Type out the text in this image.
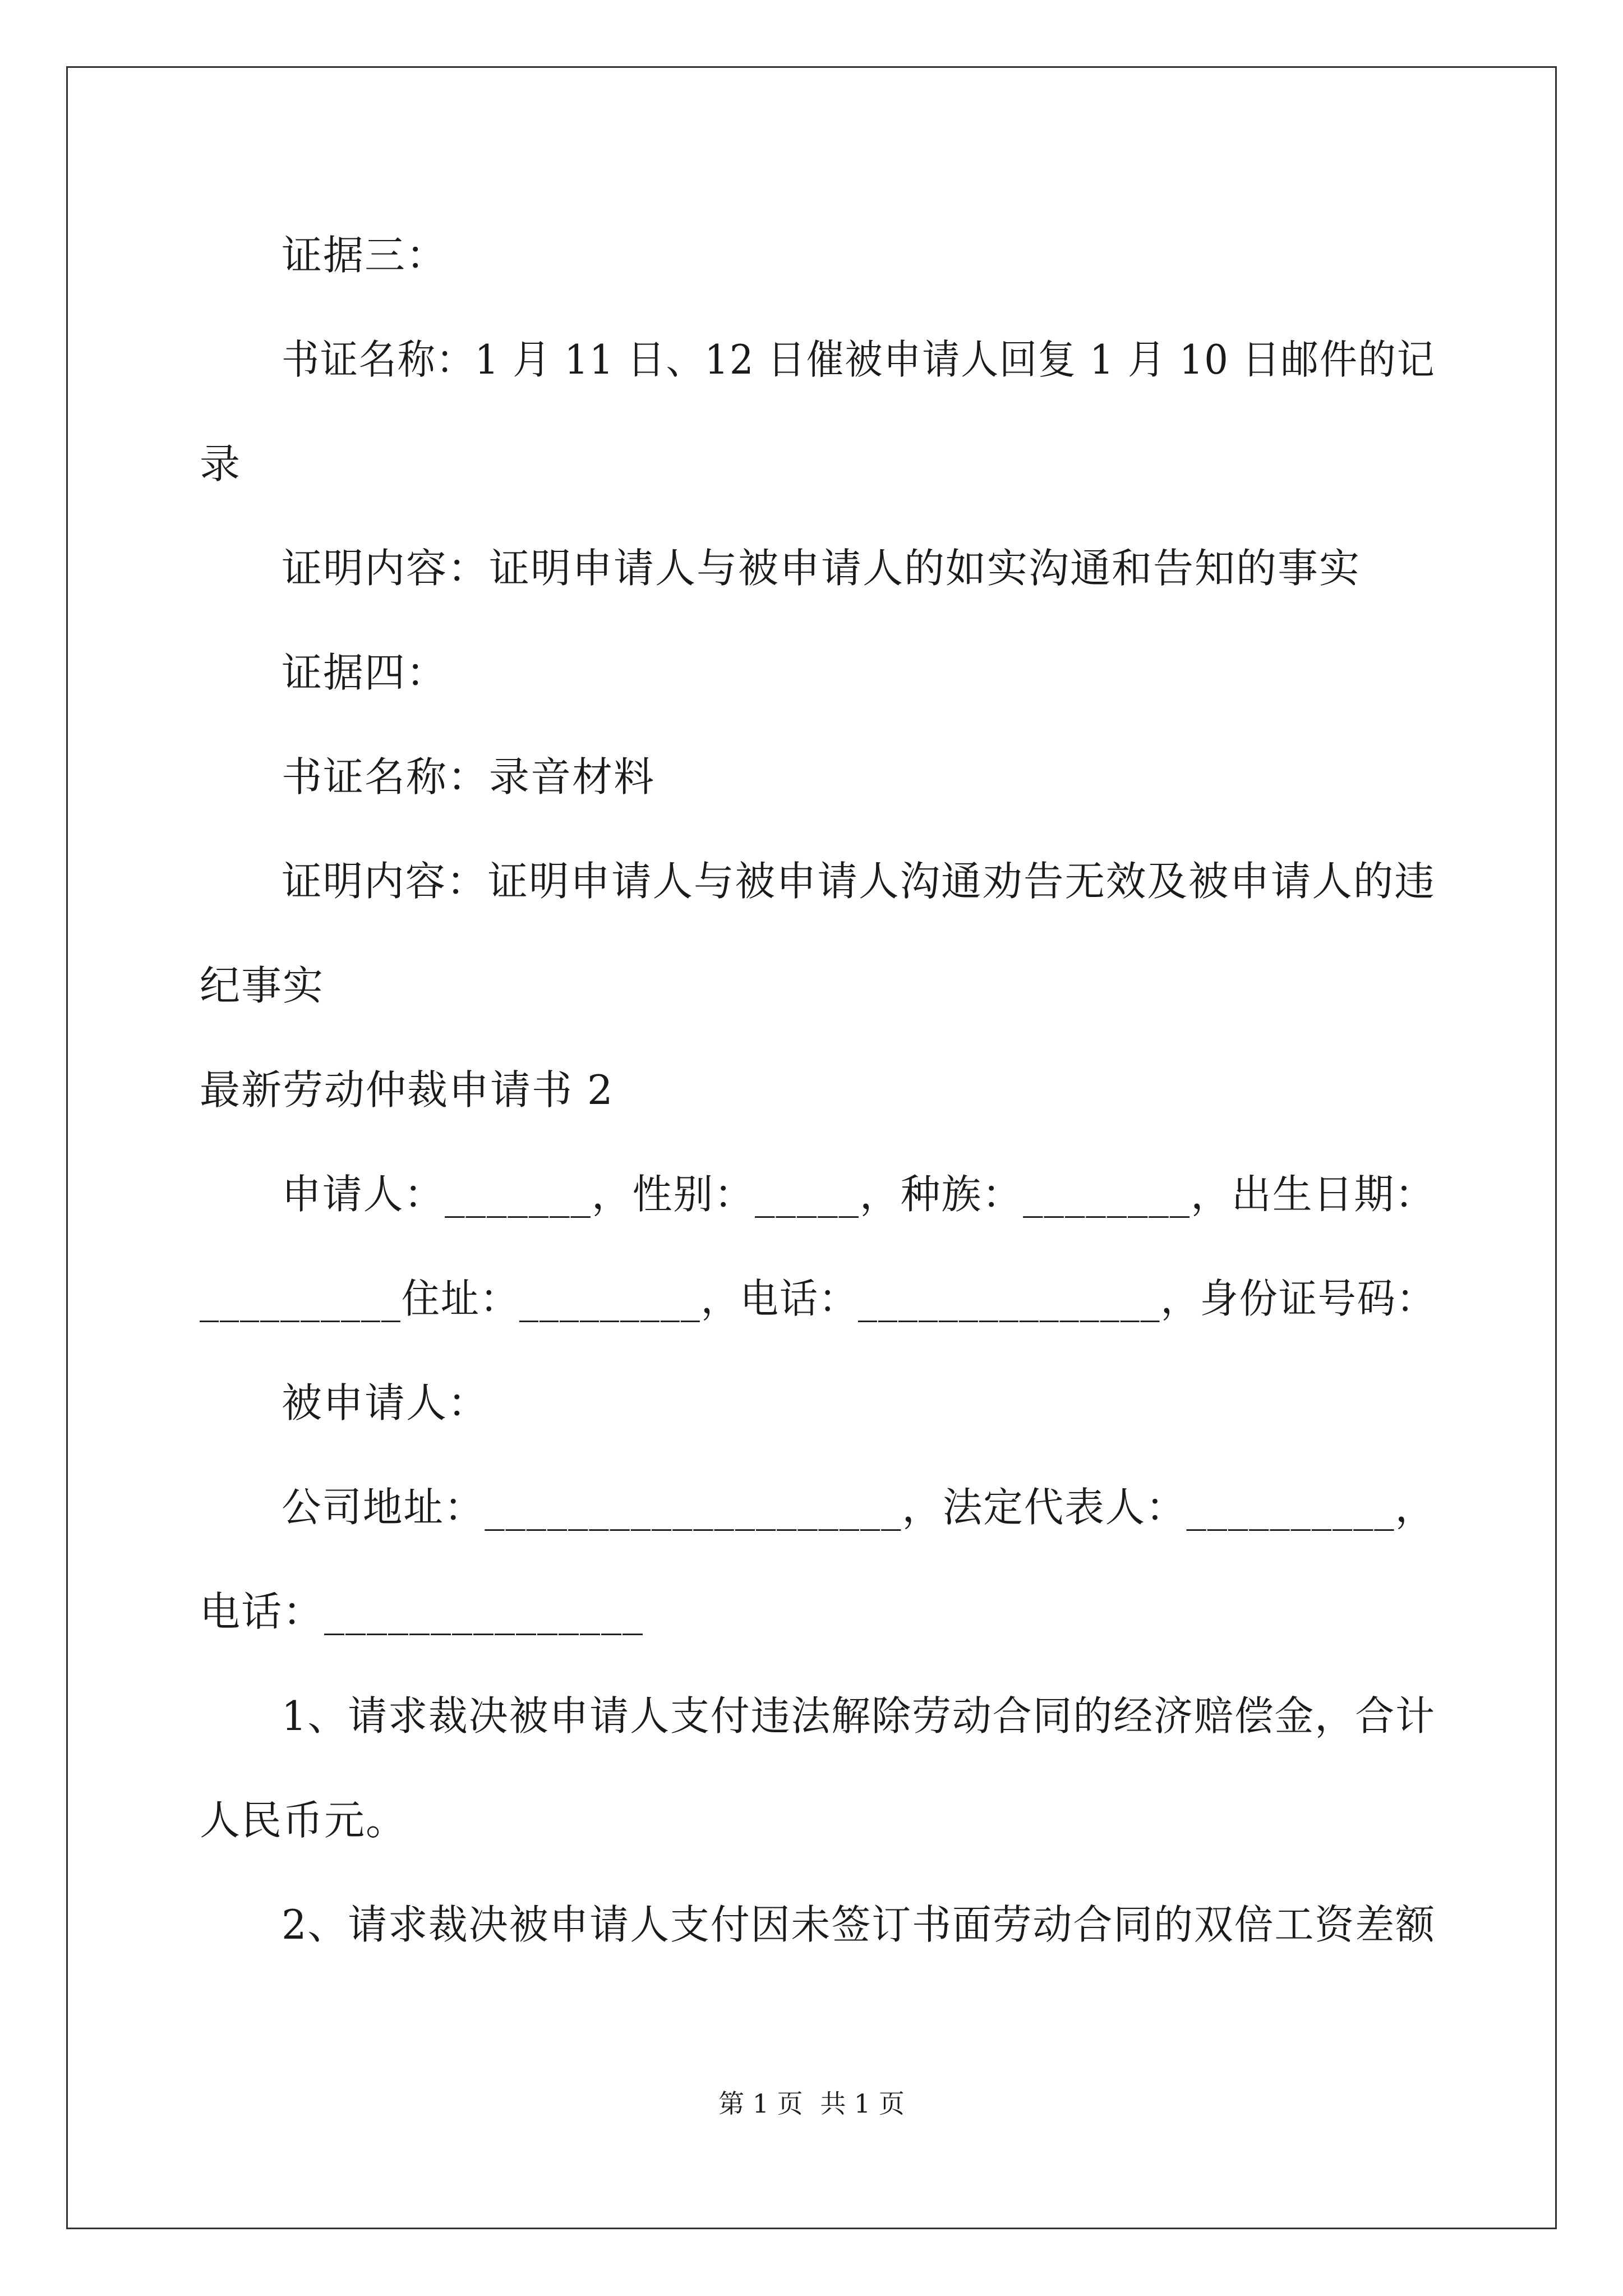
证据三：
书证名称：1 月 11 日、12 日催被申请人回复 1 月 10 日邮件的记
录
证明内容：证明申请人与被申请人的如实沟通和告知的事实
证据四：
书证名称：录音材料
证明内容：证明申请人与被申请人沟通劝告无效及被申请人的违
纪事实
最新劳动仲裁申请书 2
申请人：_______，性别：_____，种族：________，出生日期：
__________住址：_________，电话：_______________，身份证号码：
被申请人：
公司地址：____________________，法定代表人：__________，
电话：_______________
1、请求裁决被申请人支付违法解除劳动合同的经济赔偿金，合计
人民币元。
2、请求裁决被申请人支付因未签订书面劳动合同的双倍工资差额
第 1 页 共 1 页
